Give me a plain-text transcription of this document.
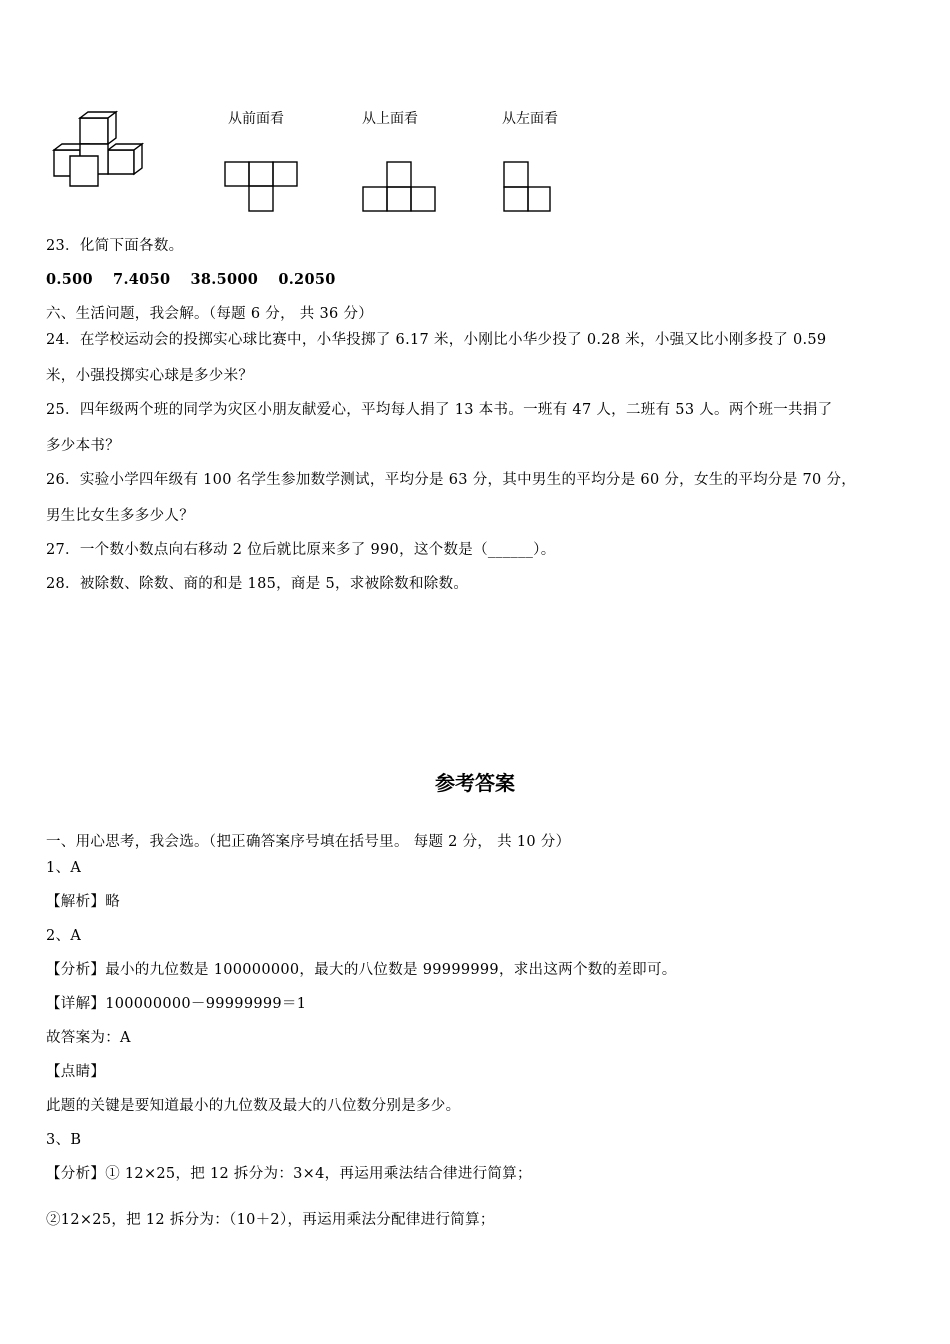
从前面看	从上面看	从左面看
23．化简下面各数。
0.500　 7.4050　 38.5000　 0.2050
六、生活问题，我会解。（每题 6 分， 共 36 分）
24．在学校运动会的投掷实心球比赛中，小华投掷了 6.17 米，小刚比小华少投了 0.28 米，小强又比小刚多投了 0.59
米，小强投掷实心球是多少米？
25．四年级两个班的同学为灾区小朋友献爱心，平均每人捐了 13 本书。一班有 47 人，二班有 53 人。两个班一共捐了
多少本书？
26．实验小学四年级有 100 名学生参加数学测试，平均分是 63 分，其中男生的平均分是 60 分，女生的平均分是 70 分，
男生比女生多多少人？
27．一个数小数点向右移动 2 位后就比原来多了 990，这个数是（______）。
28．被除数、除数、商的和是 185，商是 5，求被除数和除数。
参考答案
一、用心思考，我会选。（把正确答案序号填在括号里。 每题 2 分， 共 10 分）
1、A
【解析】略
2、A
【分析】最小的九位数是 100000000，最大的八位数是 99999999，求出这两个数的差即可。
【详解】100000000－99999999＝1
故答案为：A
【点睛】
此题的关键是要知道最小的九位数及最大的八位数分别是多少。
3、B
【分析】① 12×25，把 12 拆分为：3×4，再运用乘法结合律进行简算；
②12×25，把 12 拆分为：（10＋2），再运用乘法分配律进行简算；
